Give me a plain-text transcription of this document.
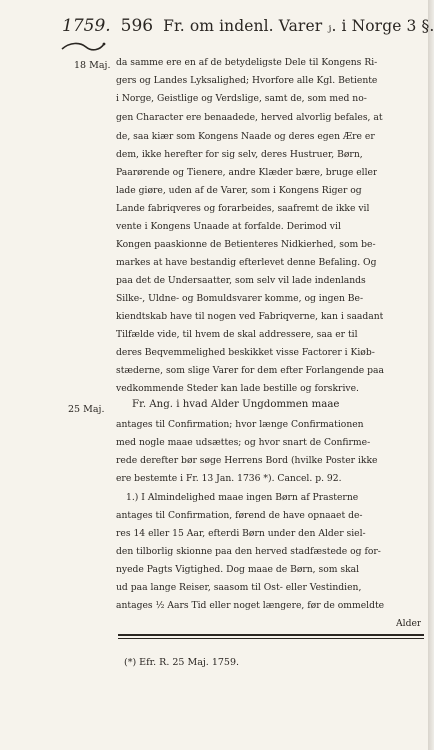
1759. 596 Fr. om indenl. Varer ⱼ. i Norge 3 §.
18 Maj. da samme ere en af de betydeligste Dele til Kongens Ri-
gers og Landes Lyksalighed; Hvorfore alle Kgl. Betiente
i Norge, Geistlige og Verdslige, samt de, som med no-
gen Character ere benaadede, herved alvorlig befales, at
de, saa kiær som Kongens Naade og deres egen Ære er
dem, ikke herefter for sig selv, deres Hustruer, Børn,
Paarørende og Tienere, andre Klæder bære, bruge eller
lade giøre, uden af de Varer, som i Kongens Riger og
Lande fabriqveres og forarbeides, saafremt de ikke vil
vente i Kongens Unaade at forfalde. Derimod vil
Kongen paaskionne de Betienteres Nidkierhed, som be-
markes at have bestandig efterlevet denne Befaling. Og
paa det de Undersaatter, som selv vil lade indenlands
Silke-, Uldne- og Bomuldsvarer komme, og ingen Be-
kiendtskab have til nogen ved Fabriqverne, kan i saadant
Tilfælde vide, til hvem de skal addressere, saa er til
deres Beqvemmelighed beskikket visse Factorer i Kiøb-
stæderne, som slige Varer for dem efter Forlangende paa
vedkommende Steder kan lade bestille og forskrive.
25 Maj.	Fr. Ang. i hvad Alder Ungdommen maae
antages til Confirmation; hvor længe Confirmationen
med nogle maae udsættes; og hvor snart de Confirme-
rede derefter bør søge Herrens Bord (hvilke Poster ikke
ere bestemte i Fr. 13 Jan. 1736 *). Cancel. p. 92.
1.) I Almindelighed maae ingen Børn af Prasterne
antages til Confirmation, førend de have opnaaet de-
res 14 eller 15 Aar, efterdi Børn under den Alder siel-
den tilborlig skionne paa den herved stadfæstede og for-
nyede Pagts Vigtighed. Dog maae de Børn, som skal
ud paa lange Reiser, saasom til Ost- eller Vestindien,
antages ½ Aars Tid eller noget længere, før de ommeldte
Alder
(*) Efr. R. 25 Maj. 1759.
